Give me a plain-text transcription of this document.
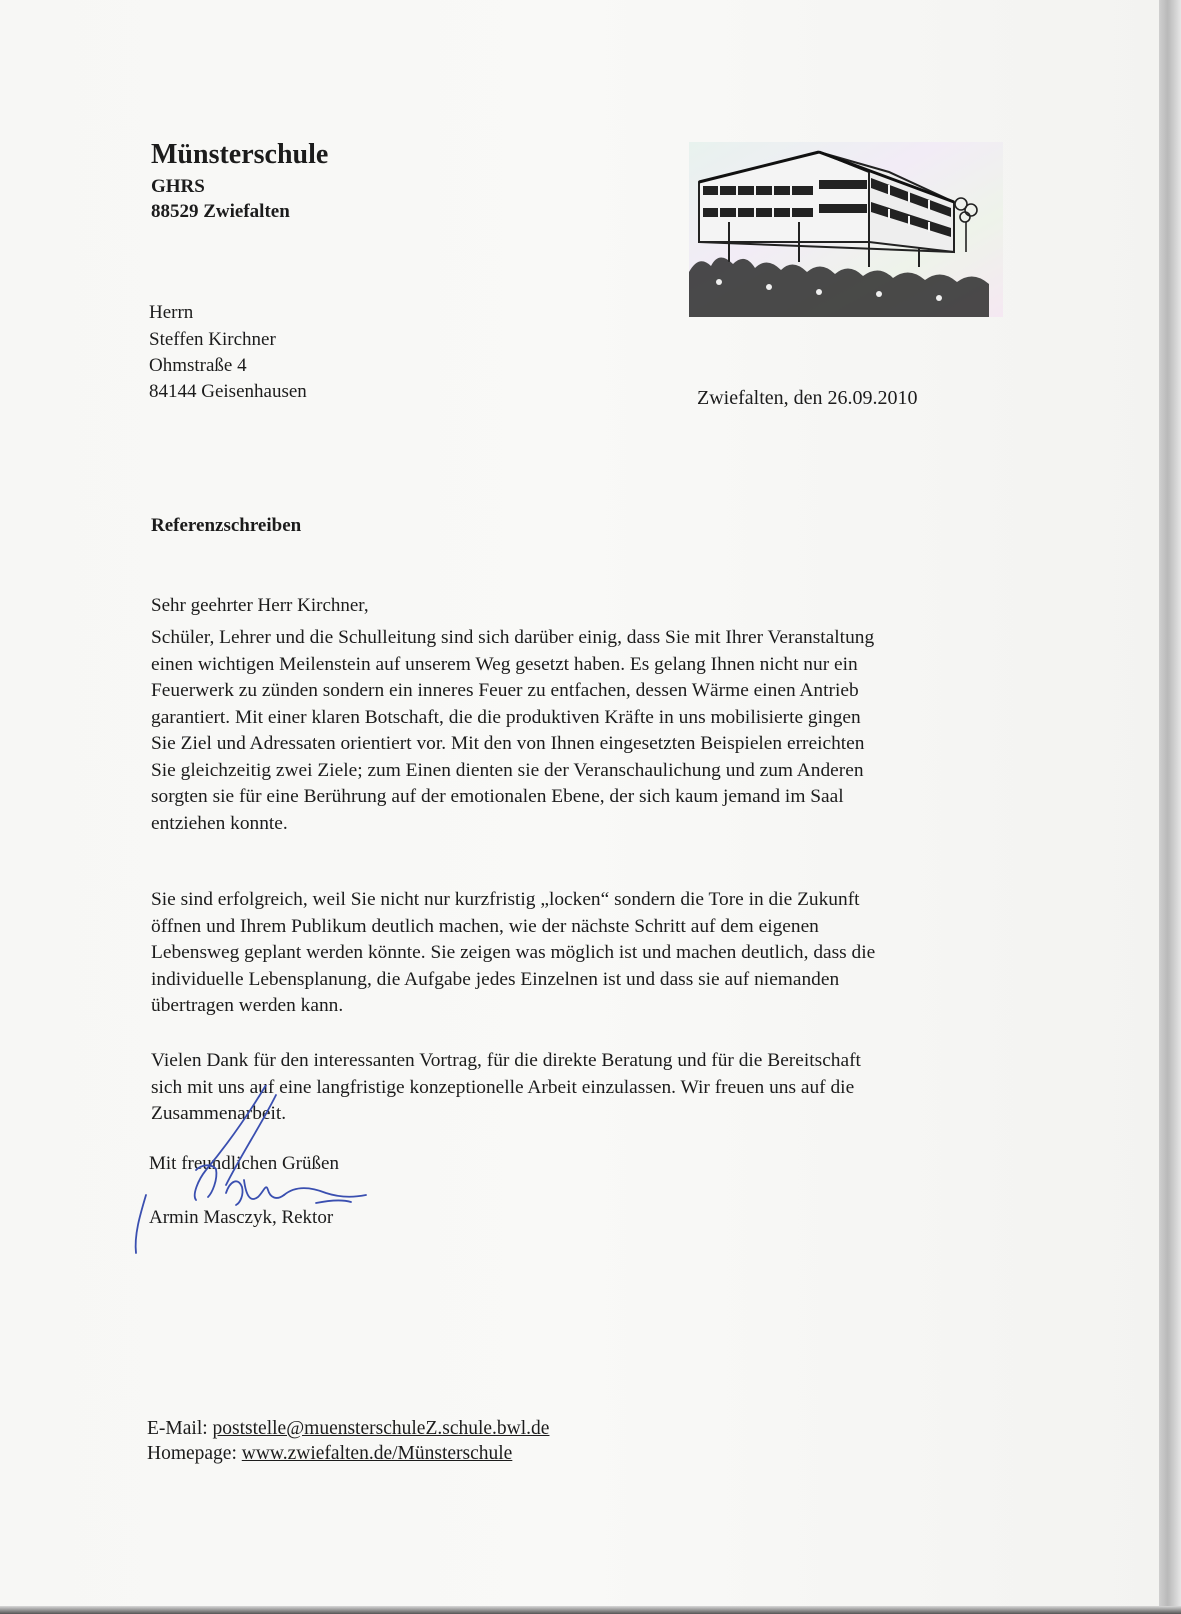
Münsterschule
GHRS
88529 Zwiefalten
Herrn
Steffen Kirchner
Ohmstraße 4
84144 Geisenhausen	Zwiefalten, den 26.09.2010
Referenzschreiben
Sehr geehrter Herr Kirchner,
Schüler, Lehrer und die Schulleitung sind sich darüber einig, dass Sie mit Ihrer Veranstaltung
einen wichtigen Meilenstein auf unserem Weg gesetzt haben. Es gelang Ihnen nicht nur ein
Feuerwerk zu zünden sondern ein inneres Feuer zu entfachen, dessen Wärme einen Antrieb
garantiert. Mit einer klaren Botschaft, die die produktiven Kräfte in uns mobilisierte gingen
Sie Ziel und Adressaten orientiert vor. Mit den von Ihnen eingesetzten Beispielen erreichten
Sie gleichzeitig zwei Ziele; zum Einen dienten sie der Veranschaulichung und zum Anderen
sorgten sie für eine Berührung auf der emotionalen Ebene, der sich kaum jemand im Saal
entziehen konnte.
Sie sind erfolgreich, weil Sie nicht nur kurzfristig „locken“ sondern die Tore in die Zukunft
öffnen und Ihrem Publikum deutlich machen, wie der nächste Schritt auf dem eigenen
Lebensweg geplant werden könnte. Sie zeigen was möglich ist und machen deutlich, dass die
individuelle Lebensplanung, die Aufgabe jedes Einzelnen ist und dass sie auf niemanden
übertragen werden kann.
Vielen Dank für den interessanten Vortrag, für die direkte Beratung und für die Bereitschaft
sich mit uns auf eine langfristige konzeptionelle Arbeit einzulassen. Wir freuen uns auf die
Zusammenarbeit.
Mit freundlichen Grüßen
Armin Masczyk, Rektor
E-Mail: poststelle@muensterschuleZ.schule.bwl.de
Homepage: www.zwiefalten.de/Münsterschule
